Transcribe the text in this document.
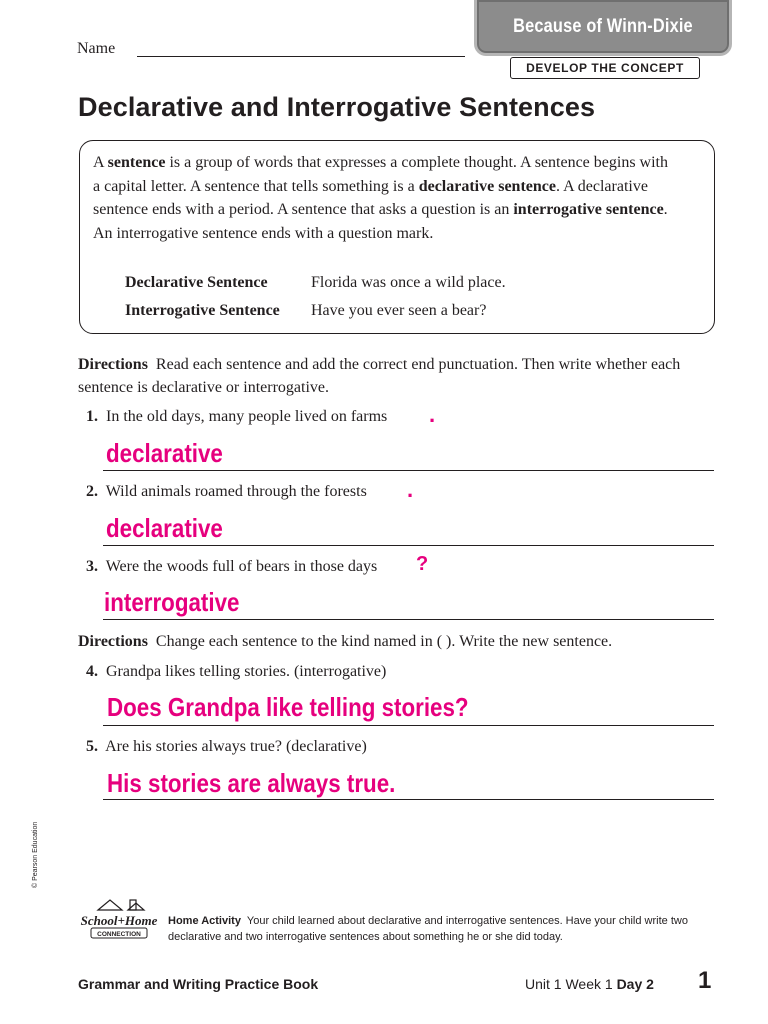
Because of Winn-Dixie
DEVELOP THE CONCEPT
Name
Declarative and Interrogative Sentences
A sentence is a group of words that expresses a complete thought. A sentence begins with a capital letter. A sentence that tells something is a declarative sentence. A declarative sentence ends with a period. A sentence that asks a question is an interrogative sentence. An interrogative sentence ends with a question mark.
Declarative Sentence	Florida was once a wild place.
Interrogative Sentence Have you ever seen a bear?
Directions Read each sentence and add the correct end punctuation. Then write whether each sentence is declarative or interrogative.
1. In the old days, many people lived on farms .
declarative
2. Wild animals roamed through the forests .
declarative
3. Were the woods full of bears in those days ?
interrogative
Directions Change each sentence to the kind named in ( ). Write the new sentence.
4. Grandpa likes telling stories. (interrogative)
Does Grandpa like telling stories?
5. Are his stories always true? (declarative)
His stories are always true.
© Pearson Education
School+Home
CONNECTION
Home Activity Your child learned about declarative and interrogative sentences. Have your child write two declarative and two interrogative sentences about something he or she did today.
Grammar and Writing Practice Book	Unit 1 Week 1 Day 2 1
